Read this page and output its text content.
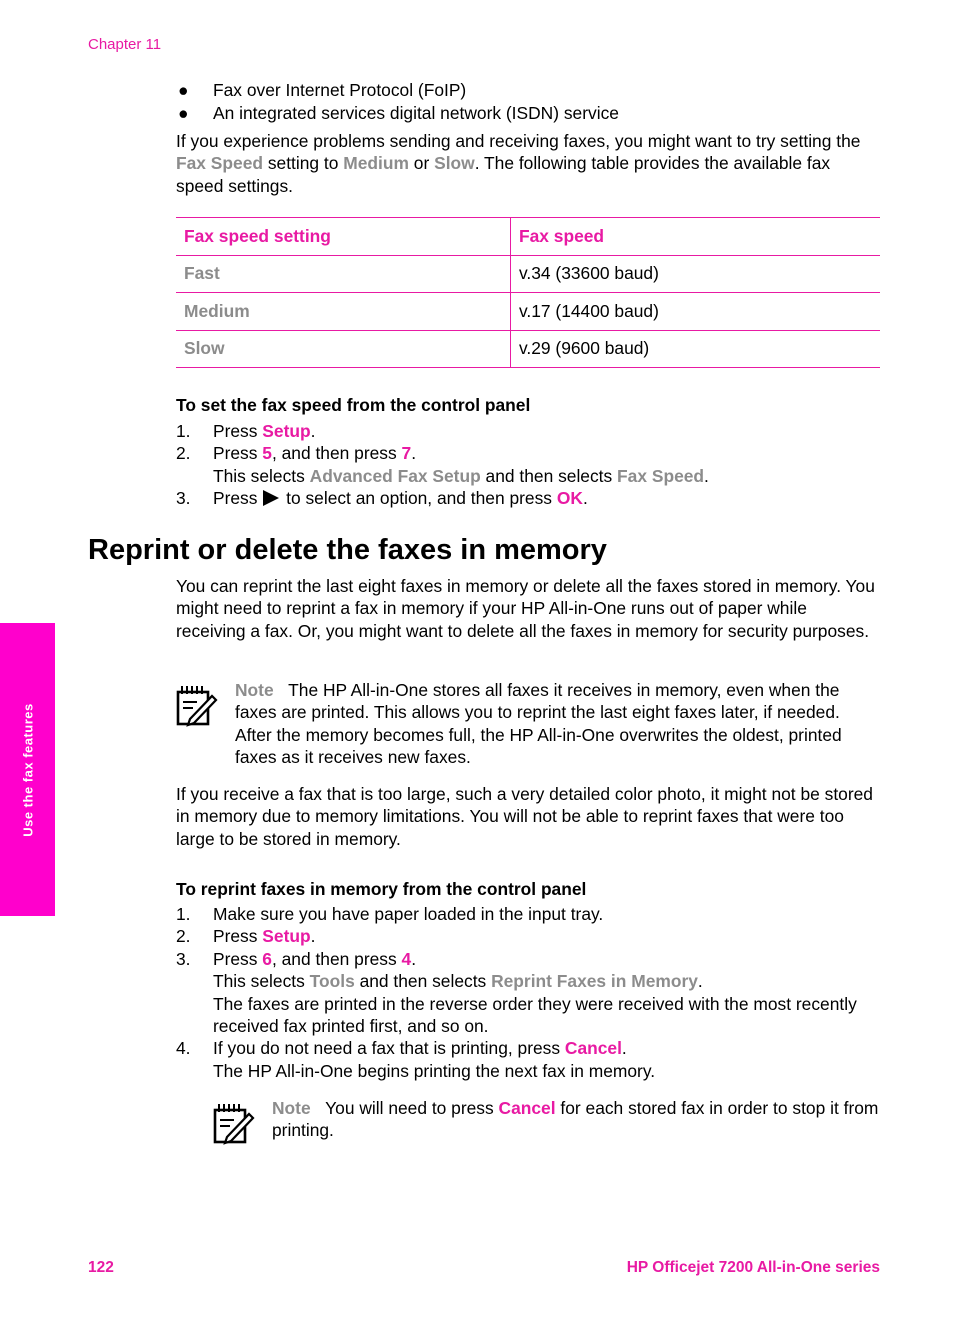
Chapter 11
Use the fax features
● Fax over Internet Protocol (FoIP)
● An integrated services digital network (ISDN) service
If you experience problems sending and receiving faxes, you might want to try setting the Fax Speed setting to Medium or Slow. The following table provides the available fax speed settings.
Fax speed setting	Fax speed
Fast	v.34 (33600 baud)
Medium	v.17 (14400 baud)
Slow	v.29 (9600 baud)
To set the fax speed from the control panel
1. Press Setup.
2. Press 5, and then press 7.
This selects Advanced Fax Setup and then selects Fax Speed.
3. Press  to select an option, and then press OK.
Reprint or delete the faxes in memory
You can reprint the last eight faxes in memory or delete all the faxes stored in memory. You might need to reprint a fax in memory if your HP All-in-One runs out of paper while receiving a fax. Or, you might want to delete all the faxes in memory for security purposes.
Note The HP All-in-One stores all faxes it receives in memory, even when the faxes are printed. This allows you to reprint the last eight faxes later, if needed. After the memory becomes full, the HP All-in-One overwrites the oldest, printed faxes as it receives new faxes.
If you receive a fax that is too large, such a very detailed color photo, it might not be stored in memory due to memory limitations. You will not be able to reprint faxes that were too large to be stored in memory.
To reprint faxes in memory from the control panel
1. Make sure you have paper loaded in the input tray.
2. Press Setup.
3. Press 6, and then press 4.
This selects Tools and then selects Reprint Faxes in Memory.
The faxes are printed in the reverse order they were received with the most recently received fax printed first, and so on.
4. If you do not need a fax that is printing, press Cancel.
The HP All-in-One begins printing the next fax in memory.
Note You will need to press Cancel for each stored fax in order to stop it from printing.
122	HP Officejet 7200 All-in-One series
